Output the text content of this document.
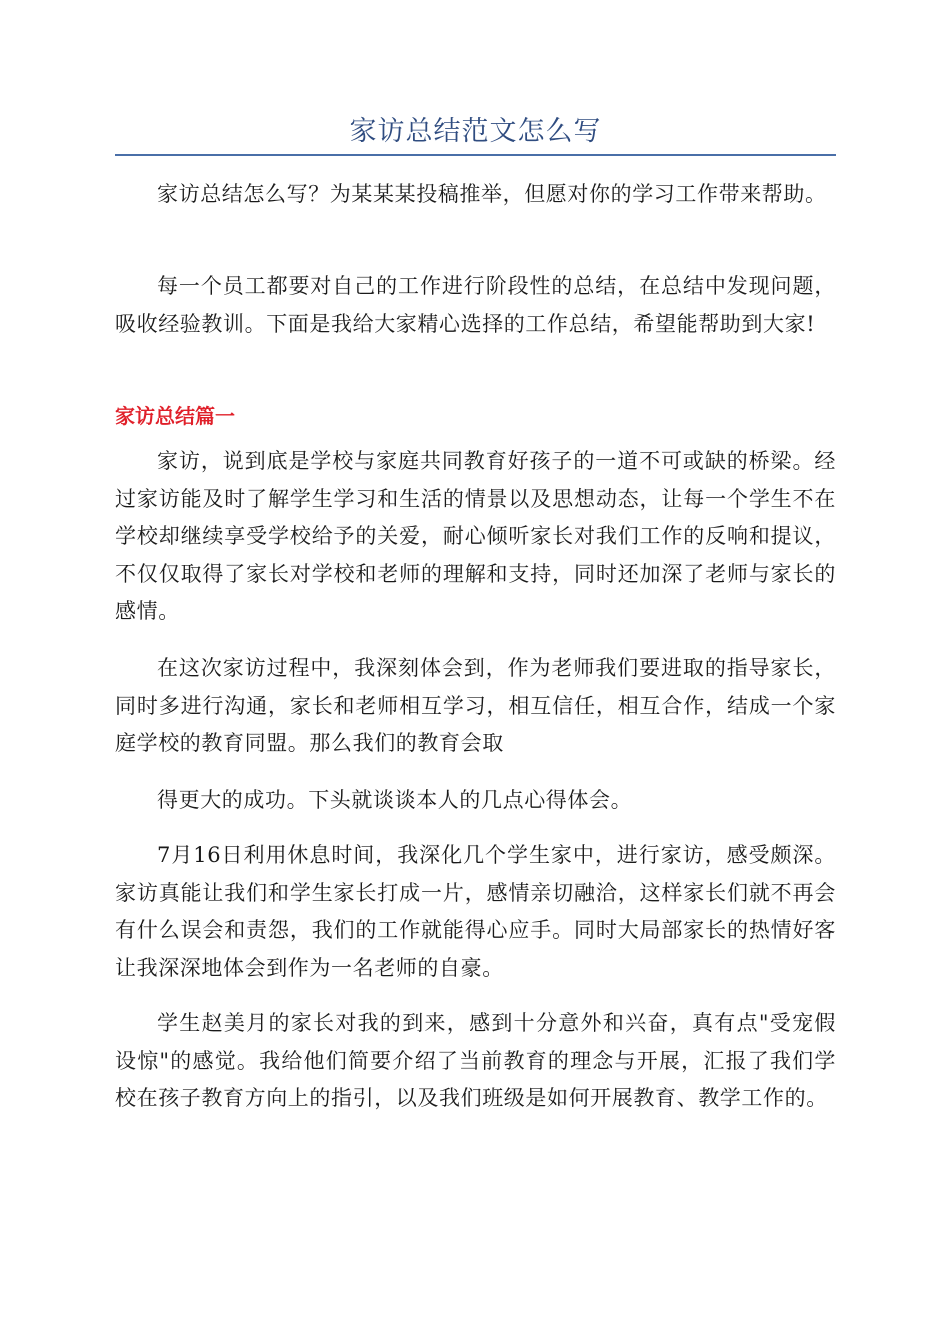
家访总结范文怎么写

家访总结怎么写？为某某某投稿推举，但愿对你的学习工作带来帮助。

每一个员工都要对自己的工作进行阶段性的总结，在总结中发现问题，吸收经验教训。下面是我给大家精心选择的工作总结，希望能帮助到大家!

家访总结篇一

家访，说到底是学校与家庭共同教育好孩子的一道不可或缺的桥梁。经过家访能及时了解学生学习和生活的情景以及思想动态，让每一个学生不在学校却继续享受学校给予的关爱，耐心倾听家长对我们工作的反响和提议，不仅仅取得了家长对学校和老师的理解和支持，同时还加深了老师与家长的感情。

在这次家访过程中，我深刻体会到，作为老师我们要进取的指导家长，同时多进行沟通，家长和老师相互学习，相互信任，相互合作，结成一个家庭学校的教育同盟。那么我们的教育会取

得更大的成功。下头就谈谈本人的几点心得体会。

7月16日利用休息时间，我深化几个学生家中，进行家访，感受颇深。家访真能让我们和学生家长打成一片，感情亲切融洽，这样家长们就不再会有什么误会和责怨，我们的工作就能得心应手。同时大局部家长的热情好客让我深深地体会到作为一名老师的自豪。

学生赵美月的家长对我的到来，感到十分意外和兴奋，真有点"受宠假设惊"的感觉。我给他们简要介绍了当前教育的理念与开展，汇报了我们学校在孩子教育方向上的指引，以及我们班级是如何开展教育、教学工作的。
